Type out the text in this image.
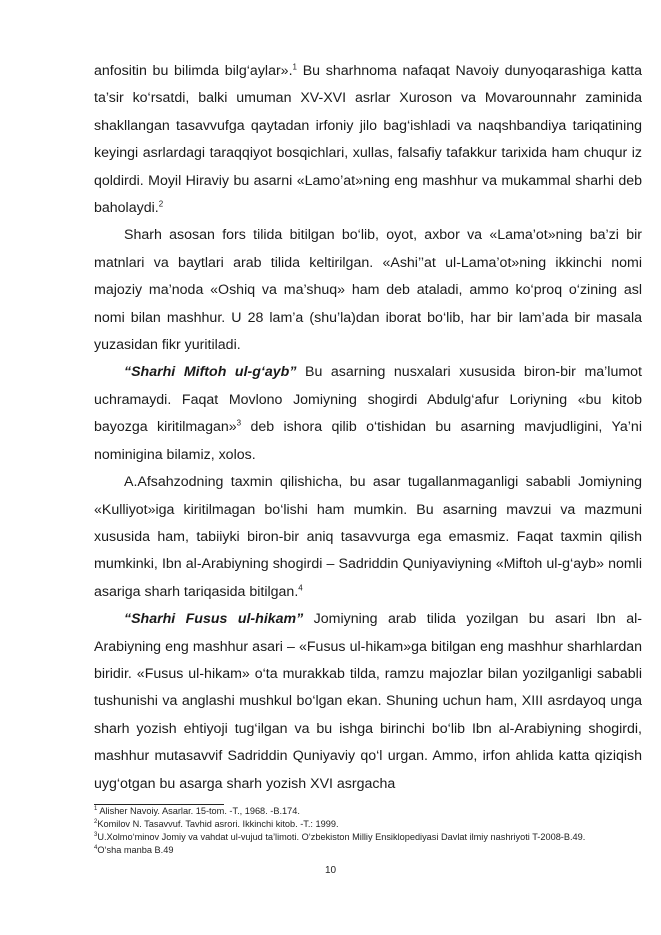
anfositin bu bilimda bilg‘aylar».$^1$ Bu sharhnoma nafaqat Navoiy dunyoqarashiga katta ta’sir ko‘rsatdi, balki umuman XV-XVI asrlar Xuroson va Movarounnahr zaminida shakllangan tasavvufga qaytadan irfoniy jilo bag‘ishladi va naqshbandiya tariqatining keyingi asrlardagi taraqqiyot bosqichlari, xullas, falsafiy tafakkur tarixida ham chuqur iz qoldirdi. Moyil Hiraviy bu asarni «Lamo’at»ning eng mashhur va mukammal sharhi deb baholaydi.$^2$

Sharh asosan fors tilida bitilgan bo‘lib, oyot, axbor va «Lama’ot»ning ba’zi bir matnlari va baytlari arab tilida keltirilgan. «Ashi’’at ul-Lama’ot»ning ikkinchi nomi majoziy ma’noda «Oshiq va ma’shuq» ham deb ataladi, ammo ko‘proq o‘zining asl nomi bilan mashhur. U 28 lam’a (shu’la)dan iborat bo‘lib, har bir lam’ada bir masala yuzasidan fikr yuritiladi.

“Sharhi Miftoh ul-g‘ayb” Bu asarning nusxalari xususida biron-bir ma’lumot uchramaydi. Faqat Movlono Jomiyning shogirdi Abdulg‘afur Loriyning «bu kitob bayozga kiritilmagan»$^3$ deb ishora qilib o‘tishidan bu asarning mavjudligini, Ya’ni nominigina bilamiz, xolos.

A.Afsahzodning taxmin qilishicha, bu asar tugallanmaganligi sababli Jomiyning «Kulliyot»iga kiritilmagan bo‘lishi ham mumkin. Bu asarning mavzui va mazmuni xususida ham, tabiiyki biron-bir aniq tasavvurga ega emasmiz. Faqat taxmin qilish mumkinki, Ibn al-Arabiyning shogirdi – Sadriddin Quniyaviyning «Miftoh ul-g‘ayb» nomli asariga sharh tariqasida bitilgan.$^4$

“Sharhi Fusus ul-hikam” Jomiyning arab tilida yozilgan bu asari Ibn al-Arabiyning eng mashhur asari – «Fusus ul-hikam»ga bitilgan eng mashhur sharhlardan biridir. «Fusus ul-hikam» o‘ta murakkab tilda, ramzu majozlar bilan yozilganligi sababli tushunishi va anglashi mushkul bo‘lgan ekan. Shuning uchun ham, XIII asrdayoq unga sharh yozish ehtiyoji tug‘ilgan va bu ishga birinchi bo‘lib Ibn al-Arabiyning shogirdi, mashhur mutasavvif Sadriddin Quniyaviy qo‘l urgan. Ammo, irfon ahlida katta qiziqish uyg‘otgan bu asarga sharh yozish XVI asrgacha

$^1$ Alisher Navoiy. Asarlar. 15-tom. -T., 1968. -B.174.

$^2$Komilov N. Tasavvuf. Tavhid asrori. Ikkinchi kitob. -T.: 1999.

$^3$U.Xolmo‘minov Jomiy va vahdat ul-vujud ta’limoti. O‘zbekiston Milliy Ensiklopediyasi Davlat ilmiy nashriyoti T-2008-B.49.

$^4$O‘sha manba B.49

10
